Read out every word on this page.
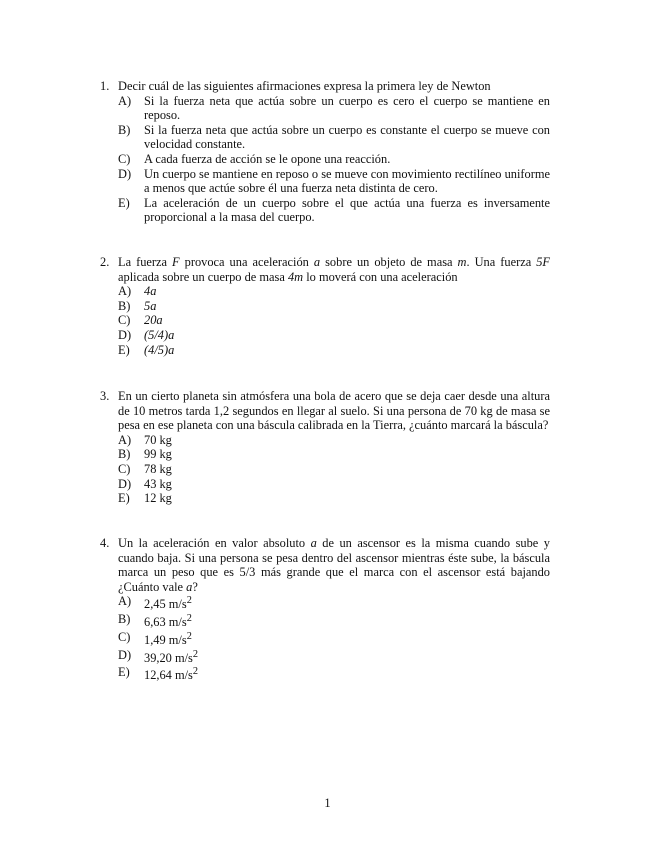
1. Decir cuál de las siguientes afirmaciones expresa la primera ley de Newton
A)	Si la fuerza neta que actúa sobre un cuerpo es cero el cuerpo se mantiene en reposo.
B)	Si la fuerza neta que actúa sobre un cuerpo es constante el cuerpo se mueve con velocidad constante.
C)	A cada fuerza de acción se le opone una reacción.
D)	Un cuerpo se mantiene en reposo o se mueve con movimiento rectilíneo uniforme a menos que actúe sobre él una fuerza neta distinta de cero.
E)	La aceleración de un cuerpo sobre el que actúa una fuerza es inversamente proporcional a la masa del cuerpo.
2. La fuerza F provoca una aceleración a sobre un objeto de masa m. Una fuerza 5F aplicada sobre un cuerpo de masa 4m lo moverá con una aceleración
A)	4a
B)	5a
C)	20a
D)	(5/4)a
E)	(4/5)a
3. En un cierto planeta sin atmósfera una bola de acero que se deja caer desde una altura de 10 metros tarda 1,2 segundos en llegar al suelo. Si una persona de 70 kg de masa se pesa en ese planeta con una báscula calibrada en la Tierra, ¿cuánto marcará la báscula?
A)	70 kg
B)	99 kg
C)	78 kg
D)	43 kg
E)	12 kg
4. Un la aceleración en valor absoluto a de un ascensor es la misma cuando sube y cuando baja. Si una persona se pesa dentro del ascensor mientras éste sube, la báscula marca un peso que es 5/3 más grande que el marca con el ascensor está bajando ¿Cuánto vale a?
A)	2,45 $m/s^2$
B)	6,63 $m/s^2$
C)	1,49 $m/s^2$
D)	39,20 $m/s^2$
E)	12,64 $m/s^2$
1
